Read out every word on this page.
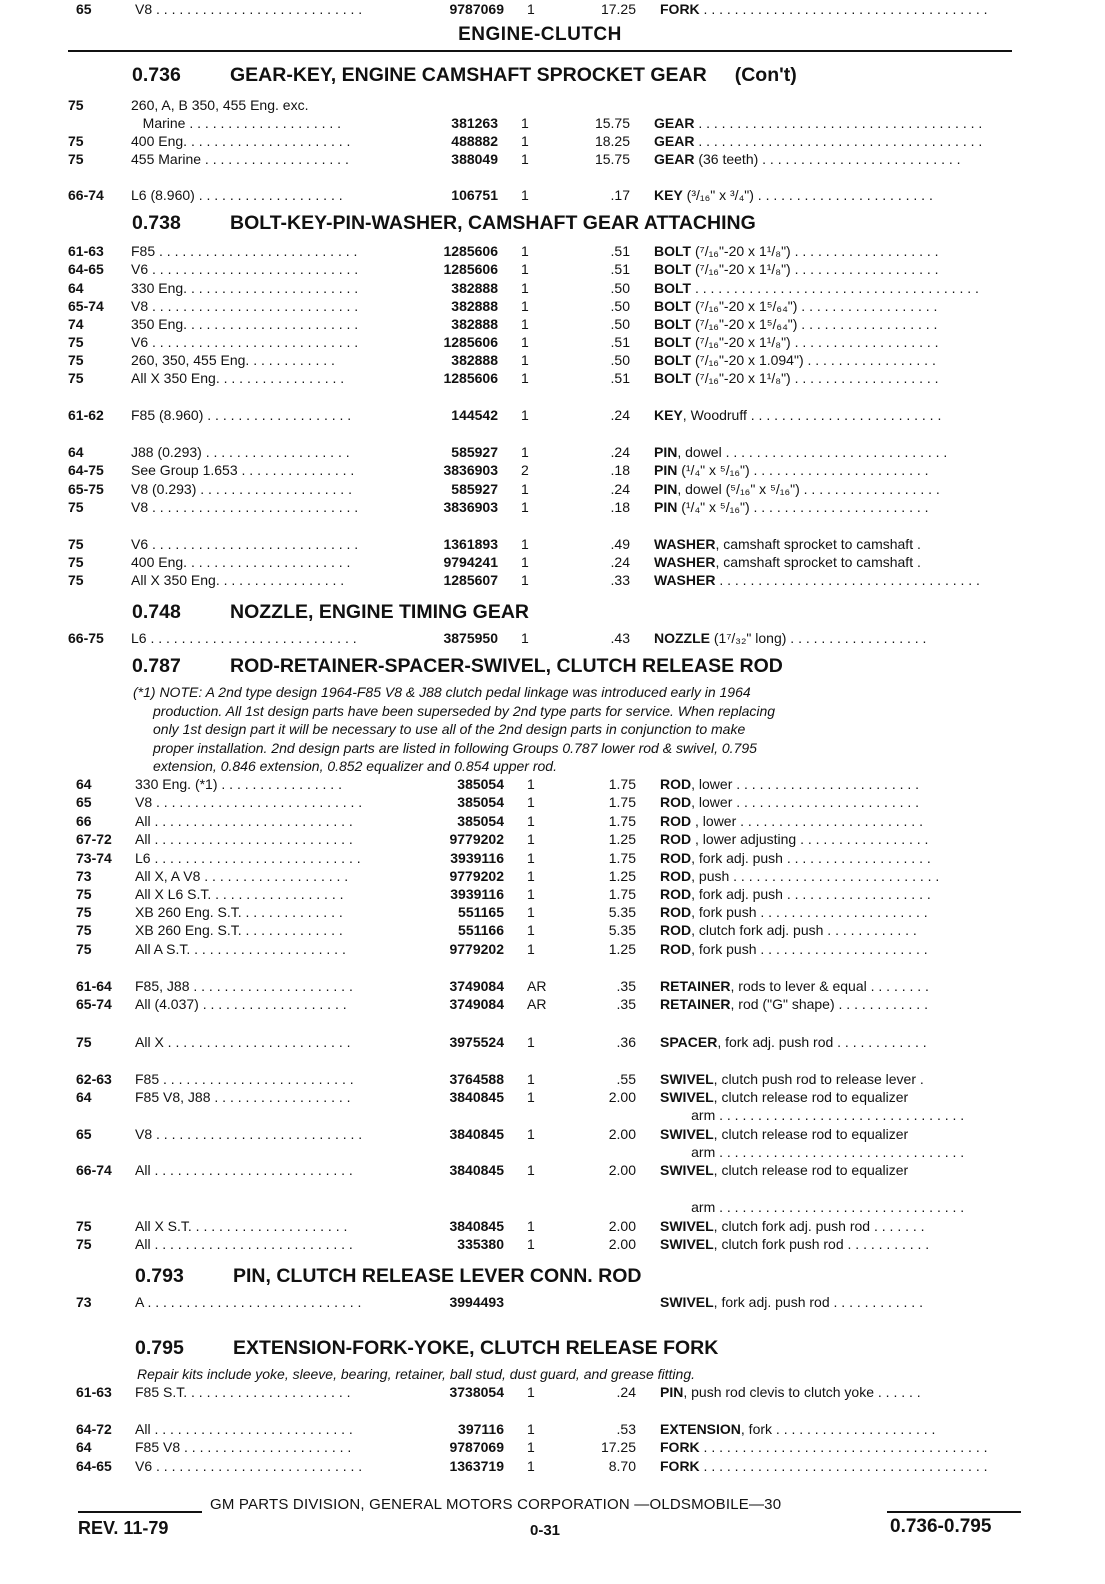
ENGINE-CLUTCH
0.736	GEAR-KEY, ENGINE CAMSHAFT SPROCKET GEAR (Con't)
0.738	BOLT-KEY-PIN-WASHER, CAMSHAFT GEAR ATTACHING
0.748	NOZZLE, ENGINE TIMING GEAR
0.787	ROD-RETAINER-SPACER-SWIVEL, CLUTCH RELEASE ROD
0.793	PIN, CLUTCH RELEASE LEVER CONN. ROD
0.795	EXTENSION-FORK-YOKE, CLUTCH RELEASE FORK
(*1) NOTE: A 2nd type design 1964-F85 V8 & J88 clutch pedal linkage was introduced early in 1964
production. All 1st design parts have been superseded by 2nd type parts for service. When replacing
only 1st design part it will be necessary to use all of the 2nd design parts in conjunction to make
proper installation. 2nd design parts are listed in following Groups 0.787 lower rod & swivel, 0.795
extension, 0.846 extension, 0.852 equalizer and 0.854 upper rod.
Repair kits include yoke, sleeve, bearing, retainer, ball stud, dust guard, and grease fitting.
75	260, A, B 350, 455 Eng. exc.
Marine . . . . . . . . . . . . . . . . . . . .	381263 1	15.75 GEAR . . . . . . . . . . . . . . . . . . . . . . . . . . . . . . . . . . . . .
75	400 Eng. . . . . . . . . . . . . . . . . . . . . .	488882 1	18.25 GEAR . . . . . . . . . . . . . . . . . . . . . . . . . . . . . . . . . . . . .
75	455 Marine . . . . . . . . . . . . . . . . . . .	388049 1	15.75 GEAR (36 teeth) . . . . . . . . . . . . . . . . . . . . . . . . . .
66-74 L6 (8.960) . . . . . . . . . . . . . . . . . . .	106751 1	.17 KEY (³/₁₆" x ³/₄") . . . . . . . . . . . . . . . . . . . . . . .
61-63 F85 . . . . . . . . . . . . . . . . . . . . . . . . . .	1285606 1	.51 BOLT (⁷/₁₆"-20 x 1¹/₈") . . . . . . . . . . . . . . . . . . .
64-65 V6 . . . . . . . . . . . . . . . . . . . . . . . . . . .	1285606 1	.51 BOLT (⁷/₁₆"-20 x 1¹/₈") . . . . . . . . . . . . . . . . . . .
64	330 Eng. . . . . . . . . . . . . . . . . . . . . . .	382888 1	.50 BOLT . . . . . . . . . . . . . . . . . . . . . . . . . . . . . . . . . . . . .
65-74 V8 . . . . . . . . . . . . . . . . . . . . . . . . . . .	382888 1	.50 BOLT (⁷/₁₆"-20 x 1⁵/₆₄") . . . . . . . . . . . . . . . . . .
74	350 Eng. . . . . . . . . . . . . . . . . . . . . . .	382888 1	.50 BOLT (⁷/₁₆"-20 x 1⁵/₆₄") . . . . . . . . . . . . . . . . . .
75	V6 . . . . . . . . . . . . . . . . . . . . . . . . . . .	1285606 1	.51 BOLT (⁷/₁₆"-20 x 1¹/₈") . . . . . . . . . . . . . . . . . . .
75	260, 350, 455 Eng. . . . . . . . . . . .	382888 1	.50 BOLT (⁷/₁₆"-20 x 1.094") . . . . . . . . . . . . . . . . .
75	All X 350 Eng. . . . . . . . . . . . . . . . .	1285606 1	.51 BOLT (⁷/₁₆"-20 x 1¹/₈") . . . . . . . . . . . . . . . . . . .
61-62 F85 (8.960) . . . . . . . . . . . . . . . . . . .	144542 1	.24 KEY, Woodruff . . . . . . . . . . . . . . . . . . . . . . . . .
64	J88 (0.293) . . . . . . . . . . . . . . . . . . .	585927 1	.24 PIN, dowel . . . . . . . . . . . . . . . . . . . . . . . . . . . . .
64-75 See Group 1.653 . . . . . . . . . . . . . . .	3836903 2	.18 PIN (¹/₄" x ⁵/₁₆") . . . . . . . . . . . . . . . . . . . . . . .
65-75 V8 (0.293) . . . . . . . . . . . . . . . . . . . .	585927 1	.24 PIN, dowel (⁵/₁₆" x ⁵/₁₆") . . . . . . . . . . . . . . . . . .
75	V8 . . . . . . . . . . . . . . . . . . . . . . . . . . .	3836903 1	.18 PIN (¹/₄" x ⁵/₁₆") . . . . . . . . . . . . . . . . . . . . . . .
75	V6 . . . . . . . . . . . . . . . . . . . . . . . . . . .	1361893 1	.49 WASHER, camshaft sprocket to camshaft .
75	400 Eng. . . . . . . . . . . . . . . . . . . . . .	9794241 1	.24 WASHER, camshaft sprocket to camshaft .
75	All X 350 Eng. . . . . . . . . . . . . . . . .	1285607 1	.33 WASHER . . . . . . . . . . . . . . . . . . . . . . . . . . . . . . . . . .
66-75 L6 . . . . . . . . . . . . . . . . . . . . . . . . . . .	3875950 1	.43 NOZZLE (1⁷/₃₂" long) . . . . . . . . . . . . . . . . . .
64	330 Eng. (*1) . . . . . . . . . . . . . . . .	385054 1	1.75 ROD, lower . . . . . . . . . . . . . . . . . . . . . . . .
65	V8 . . . . . . . . . . . . . . . . . . . . . . . . . . .	385054 1	1.75 ROD, lower . . . . . . . . . . . . . . . . . . . . . . . .
66	All . . . . . . . . . . . . . . . . . . . . . . . . . .	385054 1	1.75 ROD , lower . . . . . . . . . . . . . . . . . . . . . . . .
67-72 All . . . . . . . . . . . . . . . . . . . . . . . . . .	9779202 1	1.25 ROD , lower adjusting . . . . . . . . . . . . . . . . .
73-74 L6 . . . . . . . . . . . . . . . . . . . . . . . . . . .	3939116 1	1.75 ROD, fork adj. push . . . . . . . . . . . . . . . . . . .
73	All X, A V8 . . . . . . . . . . . . . . . . . . .	9779202 1	1.25 ROD, push . . . . . . . . . . . . . . . . . . . . . . . . . . .
75	All X L6 S.T. . . . . . . . . . . . . . . . . .	3939116 1	1.75 ROD, fork adj. push . . . . . . . . . . . . . . . . . . .
75	XB 260 Eng. S.T. . . . . . . . . . . . . .	551165 1	5.35 ROD, fork push . . . . . . . . . . . . . . . . . . . . . .
75	XB 260 Eng. S.T. . . . . . . . . . . . . .	551166 1	5.35 ROD, clutch fork adj. push . . . . . . . . . . . .
75	All A S.T. . . . . . . . . . . . . . . . . . . . .	9779202 1	1.25 ROD, fork push . . . . . . . . . . . . . . . . . . . . . .
61-64 F85, J88 . . . . . . . . . . . . . . . . . . . . .	3749084 AR	.35 RETAINER, rods to lever & equal . . . . . . . .
65-74 All (4.037) . . . . . . . . . . . . . . . . . . .	3749084 AR	.35 RETAINER, rod ("G" shape) . . . . . . . . . . . .
75	All X . . . . . . . . . . . . . . . . . . . . . . . .	3975524 1	.36 SPACER, fork adj. push rod . . . . . . . . . . . .
62-63 F85 . . . . . . . . . . . . . . . . . . . . . . . . .	3764588 1	.55 SWIVEL, clutch push rod to release lever .
64	F85 V8, J88 . . . . . . . . . . . . . . . . . .	3840845 1	2.00 SWIVEL, clutch release rod to equalizer
arm . . . . . . . . . . . . . . . . . . . . . . . . . . . . . . . .
65	V8 . . . . . . . . . . . . . . . . . . . . . . . . . . .	3840845 1	2.00 SWIVEL, clutch release rod to equalizer
arm . . . . . . . . . . . . . . . . . . . . . . . . . . . . . . . .
66-74 All . . . . . . . . . . . . . . . . . . . . . . . . . .	3840845 1	2.00 SWIVEL, clutch release rod to equalizer
arm . . . . . . . . . . . . . . . . . . . . . . . . . . . . . . . .
75	All X S.T. . . . . . . . . . . . . . . . . . . . .	3840845 1	2.00 SWIVEL, clutch fork adj. push rod . . . . . . .
75	All . . . . . . . . . . . . . . . . . . . . . . . . . .	335380 1	2.00 SWIVEL, clutch fork push rod . . . . . . . . . . .
73	A . . . . . . . . . . . . . . . . . . . . . . . . . . . .	3994493	SWIVEL, fork adj. push rod . . . . . . . . . . . .
61-63 F85 S.T. . . . . . . . . . . . . . . . . . . . . .	3738054 1	.24 PIN, push rod clevis to clutch yoke . . . . . .
64-72 All . . . . . . . . . . . . . . . . . . . . . . . . . .	397116 1	.53 EXTENSION, fork . . . . . . . . . . . . . . . . . . . . .
64	F85 V8 . . . . . . . . . . . . . . . . . . . . . .	9787069 1	17.25 FORK . . . . . . . . . . . . . . . . . . . . . . . . . . . . . . . . . . . . .
64-65 V6 . . . . . . . . . . . . . . . . . . . . . . . . . . .	1363719 1	8.70 FORK . . . . . . . . . . . . . . . . . . . . . . . . . . . . . . . . . . . . .
65	V8 . . . . . . . . . . . . . . . . . . . . . . . . . . .	9787069 1	17.25 FORK . . . . . . . . . . . . . . . . . . . . . . . . . . . . . . . . . . . . .
GM PARTS DIVISION, GENERAL MOTORS CORPORATION —OLDSMOBILE—30
REV. 11-79	0-31	0.736-0.795
